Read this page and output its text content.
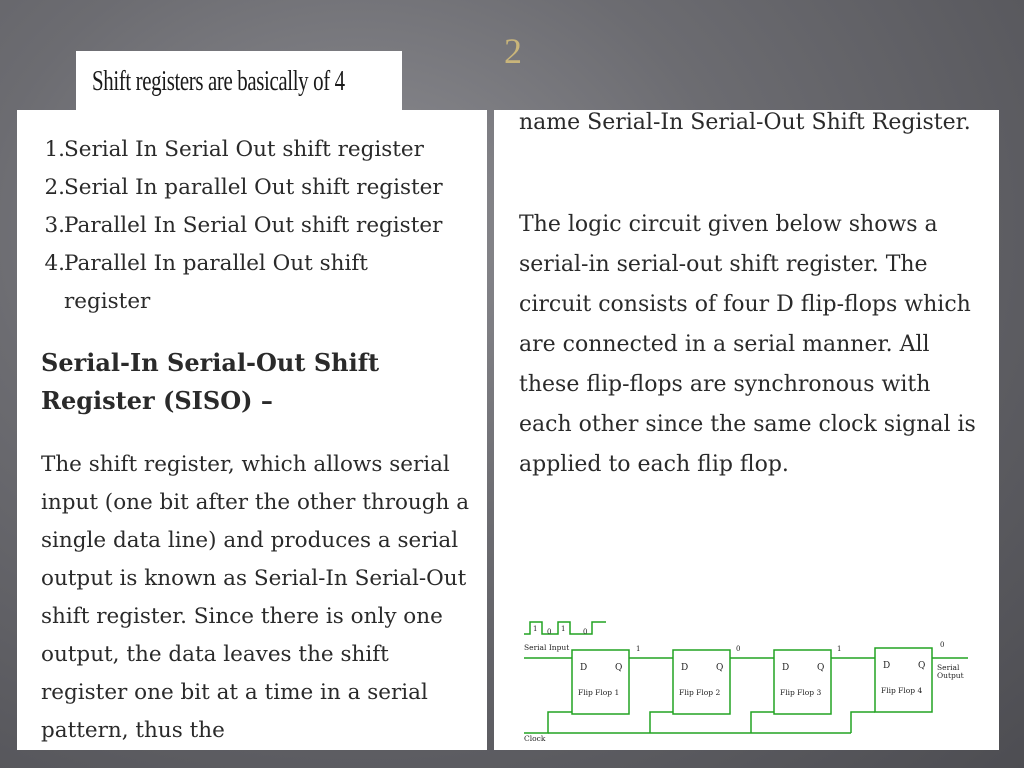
2
Shift registers are basically of 4
1. Serial In Serial Out shift register
2. Serial In parallel Out shift register
3. Parallel In Serial Out shift register
4. Parallel In parallel Out shift register
Serial-In Serial-Out Shift Register (SISO) –
The shift register, which allows serial input (one bit after the other through a single data line) and produces a serial output is known as Serial-In Serial-Out shift register. Since there is only one output, the data leaves the shift register one bit at a time in a serial pattern, thus the
name Serial-In Serial-Out Shift Register.
The logic circuit given below shows a serial-in serial-out shift register. The circuit consists of four D flip-flops which are connected in a serial manner. All these flip-flops are synchronous with each other since the same clock signal is applied to each flip flop.
1 0 1	0
Serial Input
Clock
Serial Output
1	0	1	0
D	Q
Flip Flop 1
D	Q
Flip Flop 2
D	Q
Flip Flop 3
D	Q
Flip Flop 4
